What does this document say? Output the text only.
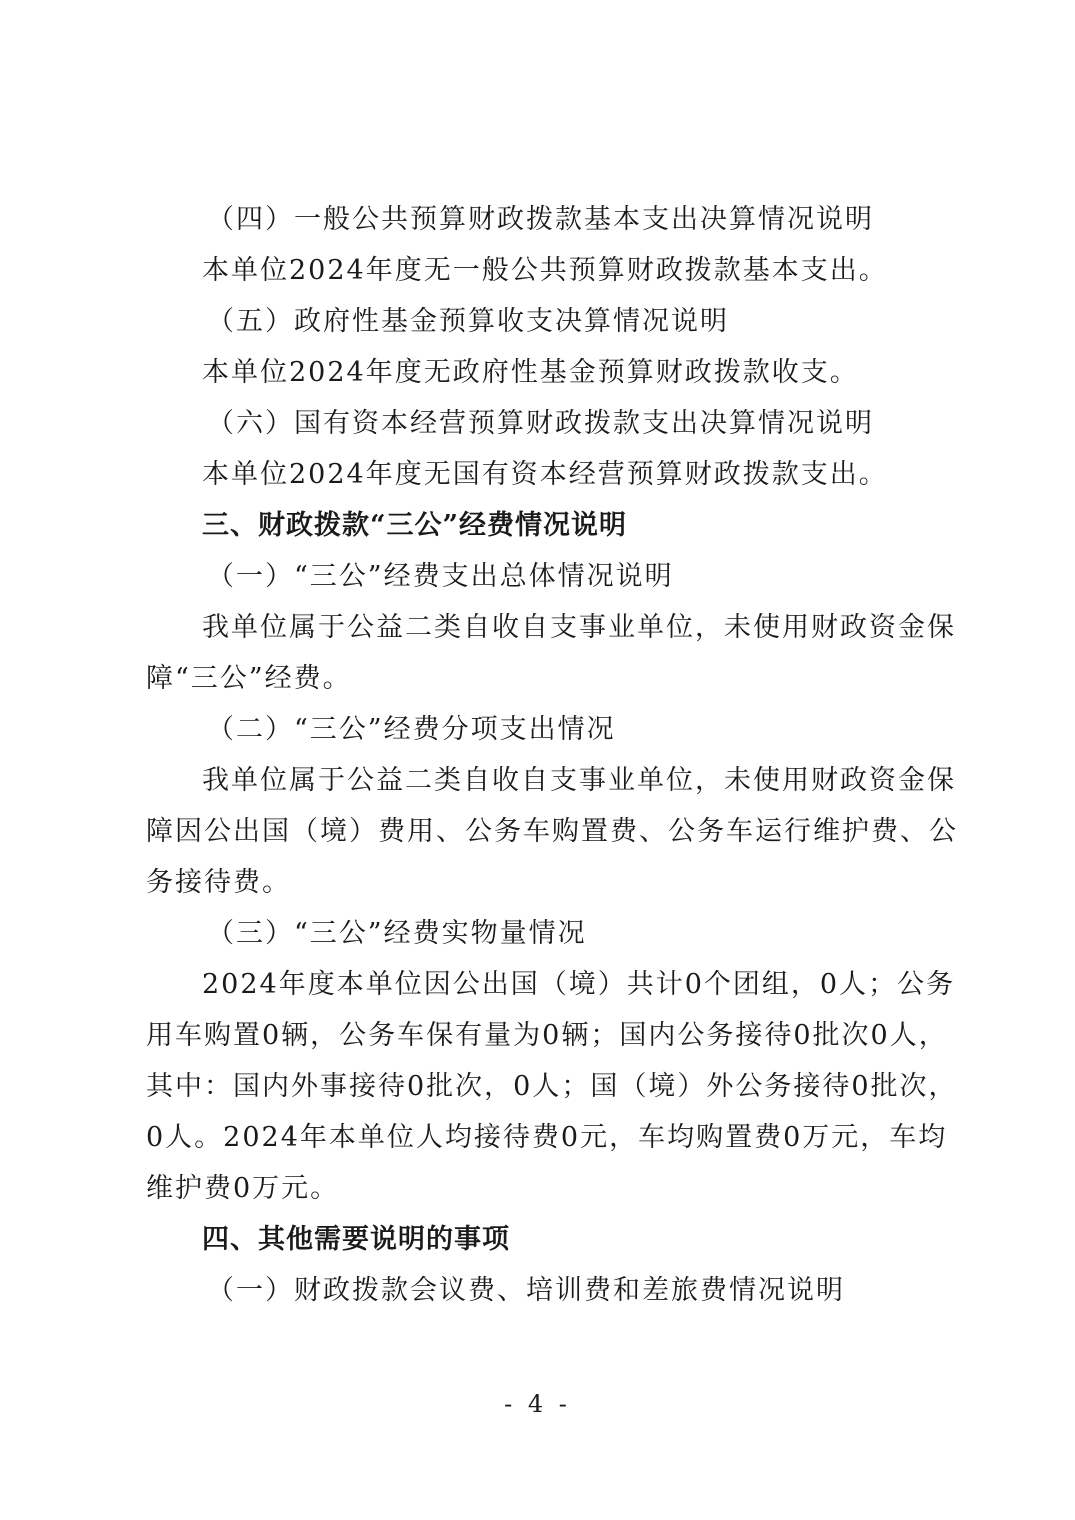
（四）一般公共预算财政拨款基本支出决算情况说明
本单位2024年度无一般公共预算财政拨款基本支出。
（五）政府性基金预算收支决算情况说明
本单位2024年度无政府性基金预算财政拨款收支。
（六）国有资本经营预算财政拨款支出决算情况说明
本单位2024年度无国有资本经营预算财政拨款支出。
三、财政拨款“三公”经费情况说明
（一）“三公”经费支出总体情况说明
我单位属于公益二类自收自支事业单位，未使用财政资金保
障“三公”经费。
（二）“三公”经费分项支出情况
我单位属于公益二类自收自支事业单位，未使用财政资金保
障因公出国（境）费用、公务车购置费、公务车运行维护费、公
务接待费。
（三）“三公”经费实物量情况
2024年度本单位因公出国（境）共计0个团组，0人；公务
用车购置0辆，公务车保有量为0辆；国内公务接待0批次0人，
其中：国内外事接待0批次，0人；国（境）外公务接待0批次，
0人。2024年本单位人均接待费0元，车均购置费0万元，车均
维护费0万元。
四、其他需要说明的事项
（一）财政拨款会议费、培训费和差旅费情况说明
- 4 -
